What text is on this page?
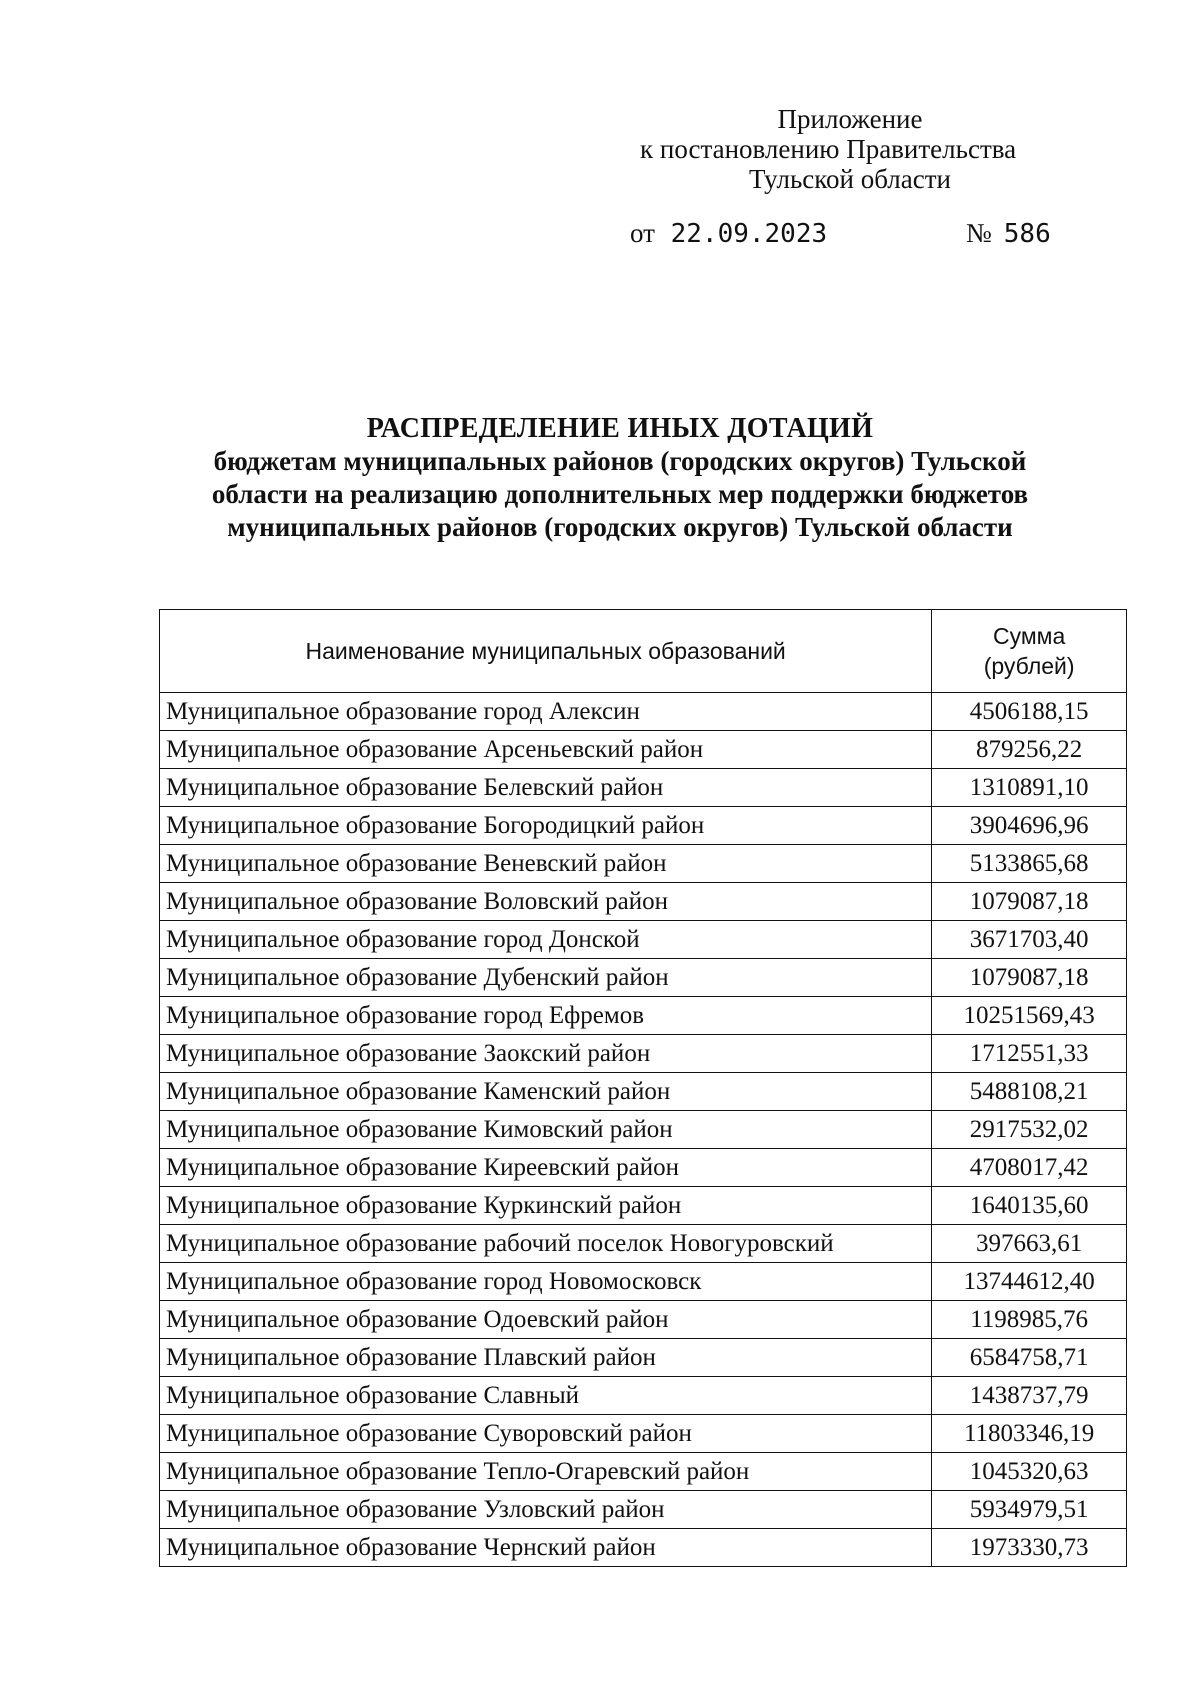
Приложение
к постановлению Правительства
Тульской области
от 22.09.2023	№ 586
РАСПРЕДЕЛЕНИЕ ИНЫХ ДОТАЦИЙ
бюджетам муниципальных районов (городских округов) Тульской
области на реализацию дополнительных мер поддержки бюджетов
муниципальных районов (городских округов) Тульской области
Наименование муниципальных образований	Сумма
(рублей)

Муниципальное образование город Алексин	4506188,15
Муниципальное образование Арсеньевский район	879256,22
Муниципальное образование Белевский район	1310891,10
Муниципальное образование Богородицкий район	3904696,96
Муниципальное образование Веневский район	5133865,68
Муниципальное образование Воловский район	1079087,18
Муниципальное образование город Донской	3671703,40
Муниципальное образование Дубенский район	1079087,18
Муниципальное образование город Ефремов	10251569,43
Муниципальное образование Заокский район	1712551,33
Муниципальное образование Каменский район	5488108,21
Муниципальное образование Кимовский район	2917532,02
Муниципальное образование Киреевский район	4708017,42
Муниципальное образование Куркинский район	1640135,60
Муниципальное образование рабочий поселок Новогуровский	397663,61
Муниципальное образование город Новомосковск	13744612,40
Муниципальное образование Одоевский район	1198985,76
Муниципальное образование Плавский район	6584758,71
Муниципальное образование Славный	1438737,79
Муниципальное образование Суворовский район	11803346,19
Муниципальное образование Тепло-Огаревский район	1045320,63
Муниципальное образование Узловский район	5934979,51
Муниципальное образование Чернский район	1973330,73
